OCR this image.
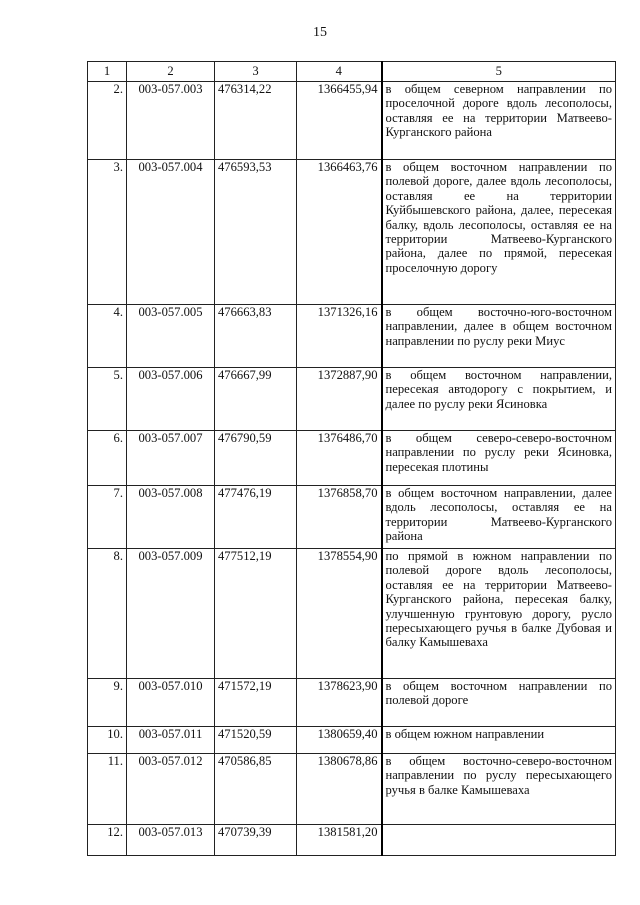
15
1	2	3	4	5
2.	003-057.003	476314,22	1366455,94	в общем северном направлении по проселочной дороге вдоль лесополосы, оставляя ее на территории Матвеево-Курганского района
3.	003-057.004	476593,53	1366463,76	в общем восточном направлении по полевой дороге, далее вдоль лесополосы, оставляя ее на территории Куйбышевского района, далее, пересекая балку, вдоль лесополосы, оставляя ее на территории Матвеево-Курганского района, далее по прямой, пересекая проселочную дорогу
4.	003-057.005	476663,83	1371326,16	в общем восточно-юго-восточном направлении, далее в общем восточном направлении по руслу реки Миус
5.	003-057.006	476667,99	1372887,90	в общем восточном направлении, пересекая автодорогу с покрытием, и далее по руслу реки Ясиновка
6.	003-057.007	476790,59	1376486,70	в общем северо-северо-восточном направлении по руслу реки Ясиновка, пересекая плотины
7.	003-057.008	477476,19	1376858,70	в общем восточном направлении, далее вдоль лесополосы, оставляя ее на территории Матвеево-Курганского района
8.	003-057.009	477512,19	1378554,90	по прямой в южном направлении по полевой дороге вдоль лесополосы, оставляя ее на территории Матвеево-Курганского района, пересекая балку, улучшенную грунтовую дорогу, русло пересыхающего ручья в балке Дубовая и балку Камышеваха
9.	003-057.010	471572,19	1378623,90	в общем восточном направлении по полевой дороге
10.	003-057.011	471520,59	1380659,40	в общем южном направлении
11.	003-057.012	470586,85	1380678,86	в общем восточно-северо-восточном направлении по руслу пересыхающего ручья в балке Камышеваха
12.	003-057.013	470739,39	1381581,20	
